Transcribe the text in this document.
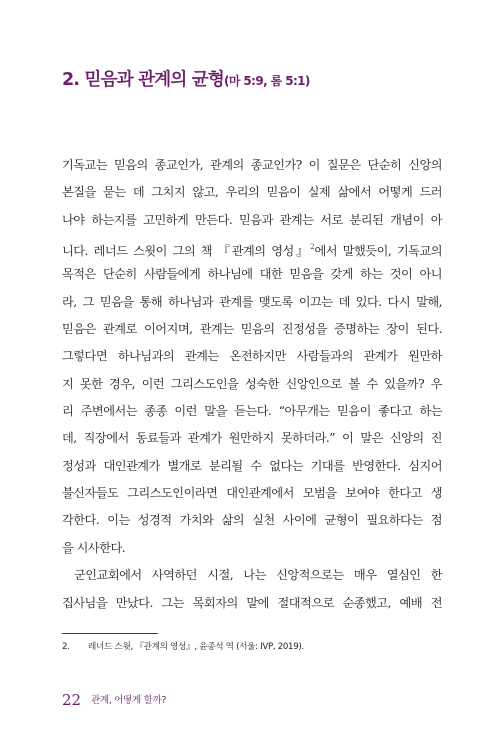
2. 믿음과 관계의 균형(마 5:9, 롬 5:1)
기독교는 믿음의 종교인가, 관계의 종교인가? 이 질문은 단순히 신앙의
본질을 묻는 데 그치지 않고, 우리의 믿음이 실제 삶에서 어떻게 드러
나야 하는지를 고민하게 만든다. 믿음과 관계는 서로 분리된 개념이 아
니다. 레너드 스윗이 그의 책 『관계의 영성』$^2$에서 말했듯이, 기독교의
목적은 단순히 사람들에게 하나님에 대한 믿음을 갖게 하는 것이 아니
라, 그 믿음을 통해 하나님과 관계를 맺도록 이끄는 데 있다. 다시 말해,
믿음은 관계로 이어지며, 관계는 믿음의 진정성을 증명하는 장이 된다.
그렇다면 하나님과의 관계는 온전하지만 사람들과의 관계가 원만하
지 못한 경우, 이런 그리스도인을 성숙한 신앙인으로 볼 수 있을까? 우
리 주변에서는 종종 이런 말을 듣는다. “아무개는 믿음이 좋다고 하는
데, 직장에서 동료들과 관계가 원만하지 못하더라.” 이 말은 신앙의 진
정성과 대인관계가 별개로 분리될 수 없다는 기대를 반영한다. 심지어
불신자들도 그리스도인이라면 대인관계에서 모범을 보여야 한다고 생
각한다. 이는 성경적 가치와 삶의 실천 사이에 균형이 필요하다는 점
을 시사한다.
군인교회에서 사역하던 시절, 나는 신앙적으로는 매우 열심인 한
집사님을 만났다. 그는 목회자의 말에 절대적으로 순종했고, 예배 전
2. 레너드 스윗, 『관계의 영성』, 윤종석 역 (서울: IVP, 2019).
22 관계, 어떻게 할까?
